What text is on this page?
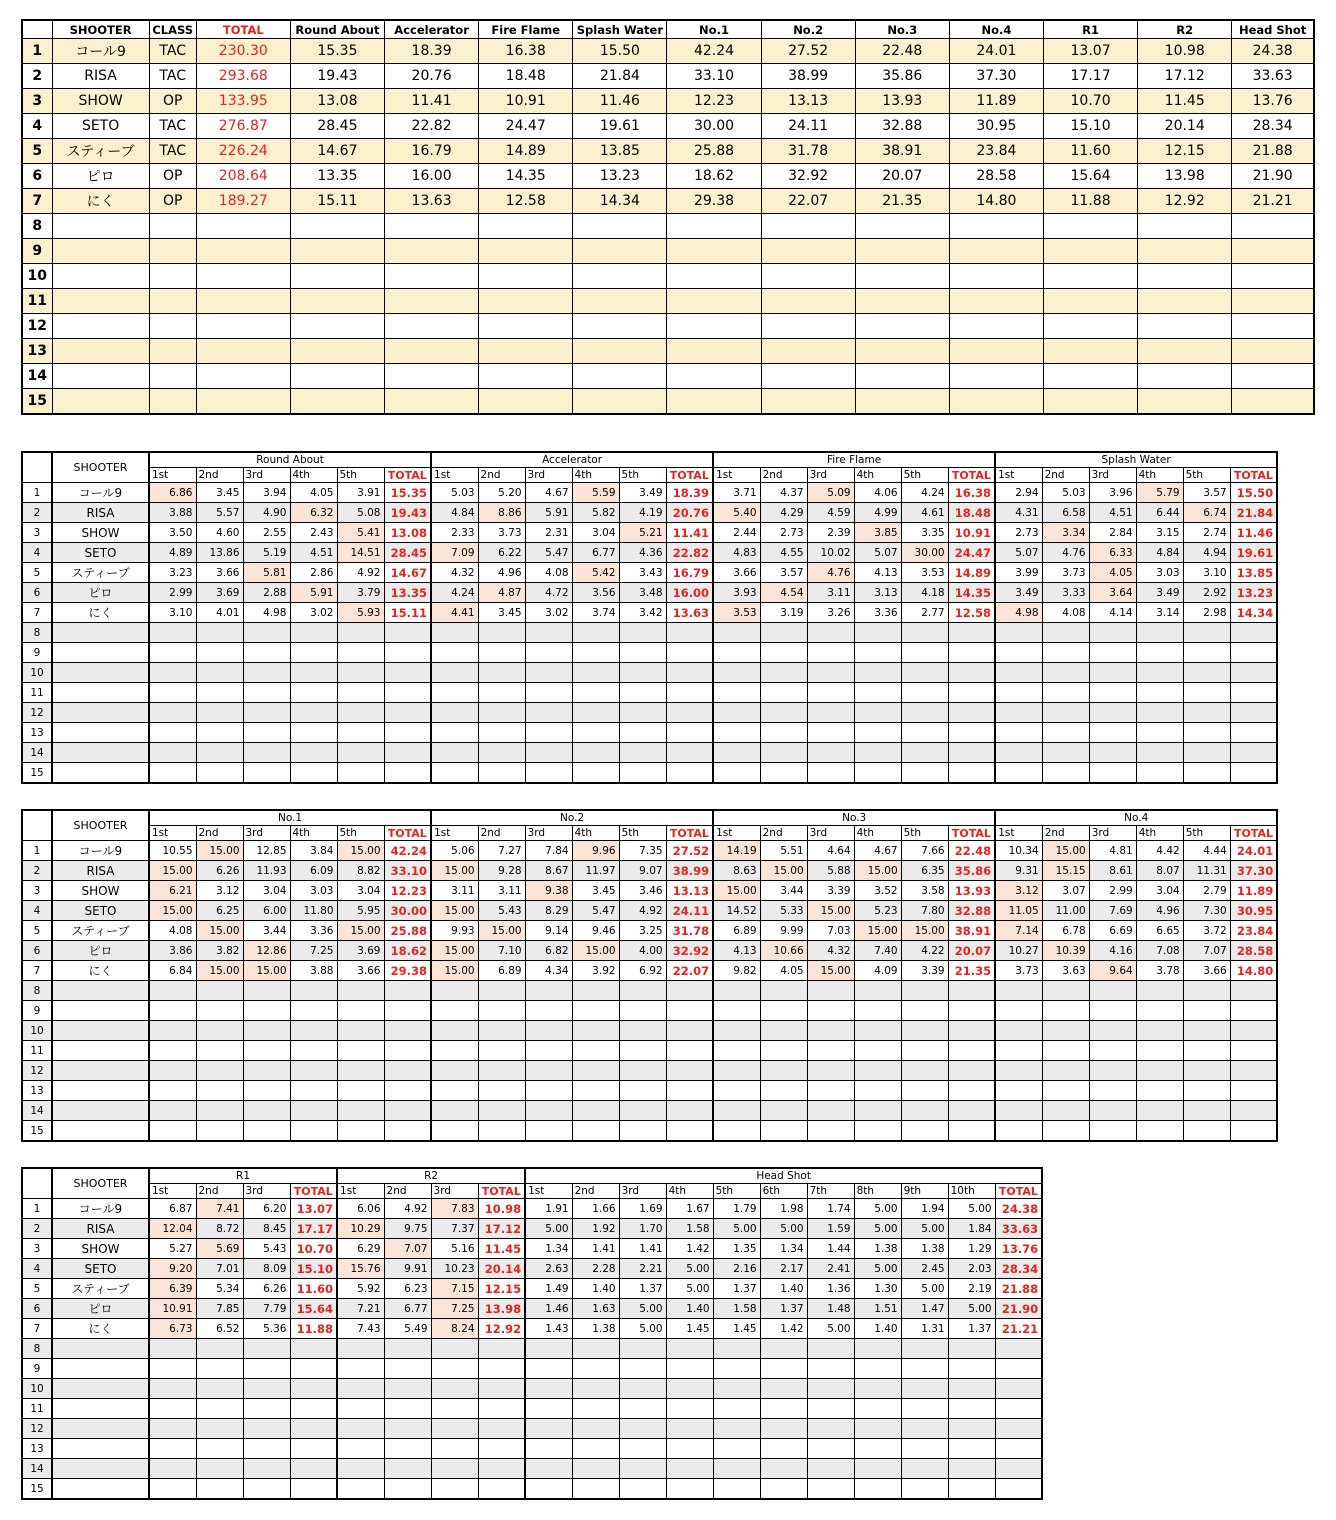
	SHOOTER	CLASS	TOTAL	Round About	Accelerator	Fire Flame	Splash Water	No.1	No.2	No.3	No.4	R1	R2	Head Shot
1	コール9	TAC	230.30	15.35	18.39	16.38	15.50	42.24	27.52	22.48	24.01	13.07	10.98	24.38
2	RISA	TAC	293.68	19.43	20.76	18.48	21.84	33.10	38.99	35.86	37.30	17.17	17.12	33.63
3	SHOW	OP	133.95	13.08	11.41	10.91	11.46	12.23	13.13	13.93	11.89	10.70	11.45	13.76
4	SETO	TAC	276.87	28.45	22.82	24.47	19.61	30.00	24.11	32.88	30.95	15.10	20.14	28.34
5	スティーブ	TAC	226.24	14.67	16.79	14.89	13.85	25.88	31.78	38.91	23.84	11.60	12.15	21.88
6	ピロ	OP	208.64	13.35	16.00	14.35	13.23	18.62	32.92	20.07	28.58	15.64	13.98	21.90
7	にく	OP	189.27	15.11	13.63	12.58	14.34	29.38	22.07	21.35	14.80	11.88	12.92	21.21
8														
9														
10														
11														
12														
13														
14														
15														
	SHOOTER	Round About						Accelerator						Fire Flame						Splash Water					
		1st	2nd	3rd	4th	5th	TOTAL	1st	2nd	3rd	4th	5th	TOTAL	1st	2nd	3rd	4th	5th	TOTAL	1st	2nd	3rd	4th	5th	TOTAL
1	コール9	6.86	3.45	3.94	4.05	3.91	15.35	5.03	5.20	4.67	5.59	3.49	18.39	3.71	4.37	5.09	4.06	4.24	16.38	2.94	5.03	3.96	5.79	3.57	15.50
2	RISA	3.88	5.57	4.90	6.32	5.08	19.43	4.84	8.86	5.91	5.82	4.19	20.76	5.40	4.29	4.59	4.99	4.61	18.48	4.31	6.58	4.51	6.44	6.74	21.84
3	SHOW	3.50	4.60	2.55	2.43	5.41	13.08	2.33	3.73	2.31	3.04	5.21	11.41	2.44	2.73	2.39	3.85	3.35	10.91	2.73	3.34	2.84	3.15	2.74	11.46
4	SETO	4.89	13.86	5.19	4.51	14.51	28.45	7.09	6.22	5.47	6.77	4.36	22.82	4.83	4.55	10.02	5.07	30.00	24.47	5.07	4.76	6.33	4.84	4.94	19.61
5	スティーブ	3.23	3.66	5.81	2.86	4.92	14.67	4.32	4.96	4.08	5.42	3.43	16.79	3.66	3.57	4.76	4.13	3.53	14.89	3.99	3.73	4.05	3.03	3.10	13.85
6	ピロ	2.99	3.69	2.88	5.91	3.79	13.35	4.24	4.87	4.72	3.56	3.48	16.00	3.93	4.54	3.11	3.13	4.18	14.35	3.49	3.33	3.64	3.49	2.92	13.23
7	にく	3.10	4.01	4.98	3.02	5.93	15.11	4.41	3.45	3.02	3.74	3.42	13.63	3.53	3.19	3.26	3.36	2.77	12.58	4.98	4.08	4.14	3.14	2.98	14.34
8																									
9																									
10																									
11																									
12																									
13																									
14																									
15																									
	SHOOTER	No.1						No.2						No.3						No.4					
		1st	2nd	3rd	4th	5th	TOTAL	1st	2nd	3rd	4th	5th	TOTAL	1st	2nd	3rd	4th	5th	TOTAL	1st	2nd	3rd	4th	5th	TOTAL
1	コール9	10.55	15.00	12.85	3.84	15.00	42.24	5.06	7.27	7.84	9.96	7.35	27.52	14.19	5.51	4.64	4.67	7.66	22.48	10.34	15.00	4.81	4.42	4.44	24.01
2	RISA	15.00	6.26	11.93	6.09	8.82	33.10	15.00	9.28	8.67	11.97	9.07	38.99	8.63	15.00	5.88	15.00	6.35	35.86	9.31	15.15	8.61	8.07	11.31	37.30
3	SHOW	6.21	3.12	3.04	3.03	3.04	12.23	3.11	3.11	9.38	3.45	3.46	13.13	15.00	3.44	3.39	3.52	3.58	13.93	3.12	3.07	2.99	3.04	2.79	11.89
4	SETO	15.00	6.25	6.00	11.80	5.95	30.00	15.00	5.43	8.29	5.47	4.92	24.11	14.52	5.33	15.00	5.23	7.80	32.88	11.05	11.00	7.69	4.96	7.30	30.95
5	スティーブ	4.08	15.00	3.44	3.36	15.00	25.88	9.93	15.00	9.14	9.46	3.25	31.78	6.89	9.99	7.03	15.00	15.00	38.91	7.14	6.78	6.69	6.65	3.72	23.84
6	ピロ	3.86	3.82	12.86	7.25	3.69	18.62	15.00	7.10	6.82	15.00	4.00	32.92	4.13	10.66	4.32	7.40	4.22	20.07	10.27	10.39	4.16	7.08	7.07	28.58
7	にく	6.84	15.00	15.00	3.88	3.66	29.38	15.00	6.89	4.34	3.92	6.92	22.07	9.82	4.05	15.00	4.09	3.39	21.35	3.73	3.63	9.64	3.78	3.66	14.80
8																									
9																									
10																									
11																									
12																									
13																									
14																									
15																									
	SHOOTER	R1				R2				Head Shot										
		1st	2nd	3rd	TOTAL	1st	2nd	3rd	TOTAL	1st	2nd	3rd	4th	5th	6th	7th	8th	9th	10th	TOTAL
1	コール9	6.87	7.41	6.20	13.07	6.06	4.92	7.83	10.98	1.91	1.66	1.69	1.67	1.79	1.98	1.74	5.00	1.94	5.00	24.38
2	RISA	12.04	8.72	8.45	17.17	10.29	9.75	7.37	17.12	5.00	1.92	1.70	1.58	5.00	5.00	1.59	5.00	5.00	1.84	33.63
3	SHOW	5.27	5.69	5.43	10.70	6.29	7.07	5.16	11.45	1.34	1.41	1.41	1.42	1.35	1.34	1.44	1.38	1.38	1.29	13.76
4	SETO	9.20	7.01	8.09	15.10	15.76	9.91	10.23	20.14	2.63	2.28	2.21	5.00	2.16	2.17	2.41	5.00	2.45	2.03	28.34
5	スティーブ	6.39	5.34	6.26	11.60	5.92	6.23	7.15	12.15	1.49	1.40	1.37	5.00	1.37	1.40	1.36	1.30	5.00	2.19	21.88
6	ピロ	10.91	7.85	7.79	15.64	7.21	6.77	7.25	13.98	1.46	1.63	5.00	1.40	1.58	1.37	1.48	1.51	1.47	5.00	21.90
7	にく	6.73	6.52	5.36	11.88	7.43	5.49	8.24	12.92	1.43	1.38	5.00	1.45	1.45	1.42	5.00	1.40	1.31	1.37	21.21
8																				
9																				
10																				
11																				
12																				
13																				
14																				
15																				
